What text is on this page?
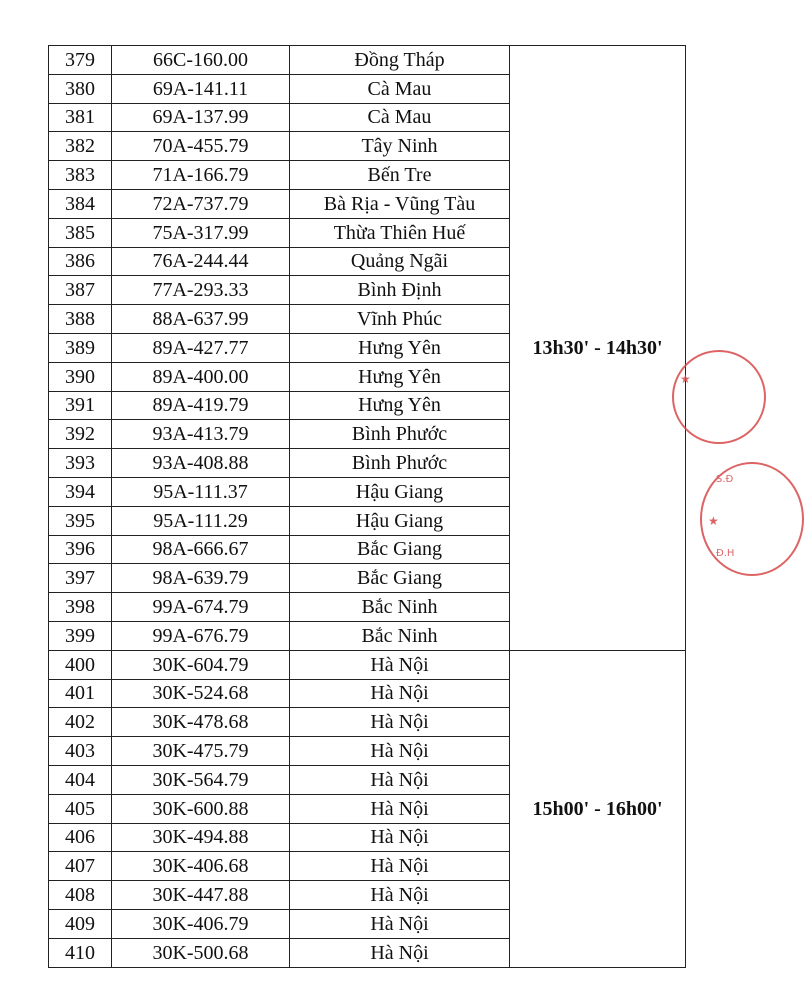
379	66C-160.00	Đồng Tháp	13h30' - 14h30'
380	69A-141.11	Cà Mau	
381	69A-137.99	Cà Mau	
382	70A-455.79	Tây Ninh	
383	71A-166.79	Bến Tre	
384	72A-737.79	Bà Rịa - Vũng Tàu	
385	75A-317.99	Thừa Thiên Huế	
386	76A-244.44	Quảng Ngãi	
387	77A-293.33	Bình Định	
388	88A-637.99	Vĩnh Phúc	
389	89A-427.77	Hưng Yên	
390	89A-400.00	Hưng Yên	
391	89A-419.79	Hưng Yên	
392	93A-413.79	Bình Phước	
393	93A-408.88	Bình Phước	
394	95A-111.37	Hậu Giang	
395	95A-111.29	Hậu Giang	
396	98A-666.67	Bắc Giang	
397	98A-639.79	Bắc Giang	
398	99A-674.79	Bắc Ninh	
399	99A-676.79	Bắc Ninh	
400	30K-604.79	Hà Nội	15h00' - 16h00'
401	30K-524.68	Hà Nội	
402	30K-478.68	Hà Nội	
403	30K-475.79	Hà Nội	
404	30K-564.79	Hà Nội	
405	30K-600.88	Hà Nội	
406	30K-494.88	Hà Nội	
407	30K-406.68	Hà Nội	
408	30K-447.88	Hà Nội	
409	30K-406.79	Hà Nội	
410	30K-500.68	Hà Nội	
★
S.Đ
★
Đ.H
